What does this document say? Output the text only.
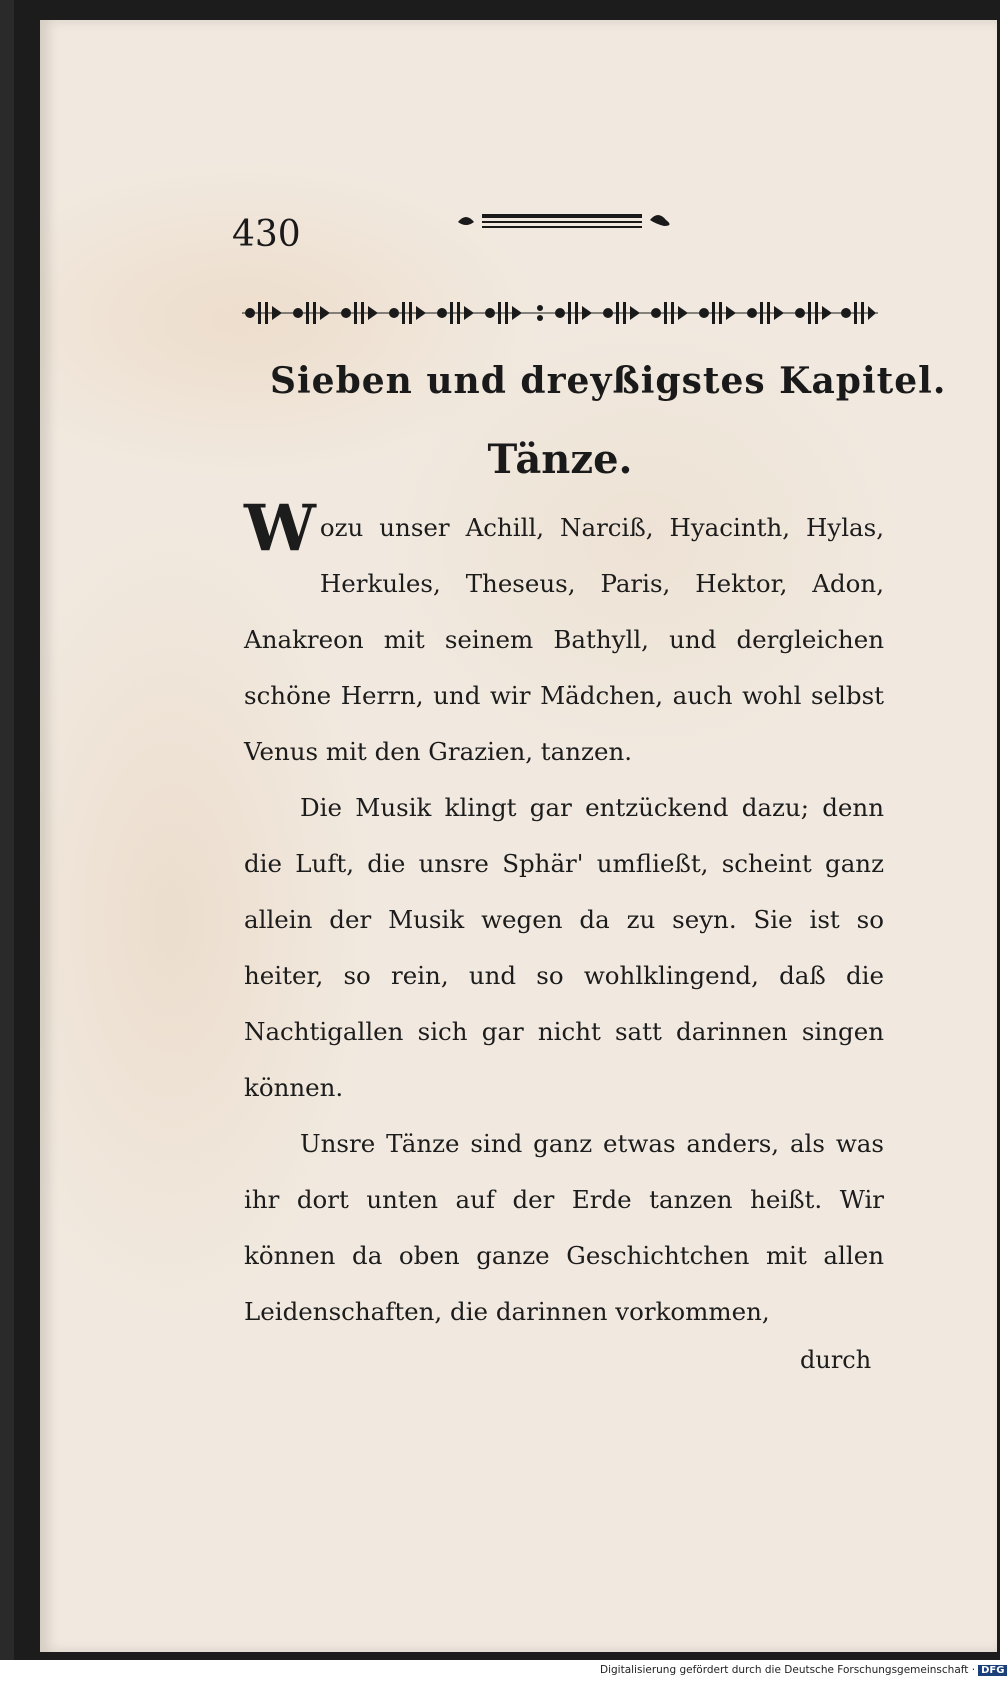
430
Sieben und dreyßigstes Kapitel.
Tänze.

Wozu unser Achill, Narciß, Hyacinth, Hylas, Herkules, Theseus, Paris, Hektor, Adon, Anakreon mit seinem Bathyll, und dergleichen schöne Herrn, und wir Mädchen, auch wohl selbst Venus mit den Grazien, tanzen.

Die Musik klingt gar entzückend dazu; denn die Luft, die unsre Sphär' umfließt, scheint ganz allein der Musik wegen da zu seyn. Sie ist so heiter, so rein, und so wohlklingend, daß die Nachtigallen sich gar nicht satt darinnen singen können.

Unsre Tänze sind ganz etwas anders, als was ihr dort unten auf der Erde tanzen heißt. Wir können da oben ganze Geschichtchen mit allen Leidenschaften, die darinnen vorkommen,

durch
Digitalisierung gefördert durch die Deutsche Forschungsgemeinschaft · DFG
